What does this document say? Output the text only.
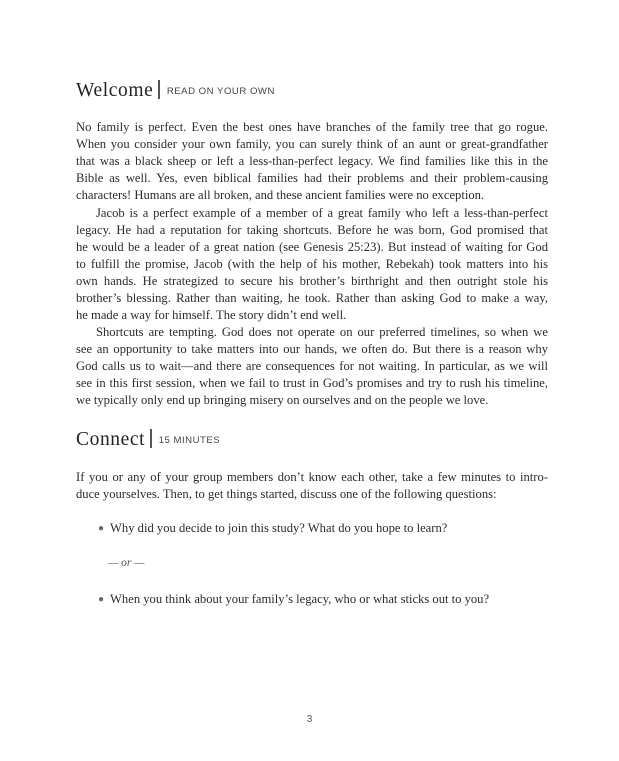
Welcome $^{READ ON YOUR OWN}$
No family is perfect. Even the best ones have branches of the family tree that go rogue.
When you consider your own family, you can surely think of an aunt or great-grandfather
that was a black sheep or left a less-than-perfect legacy. We find families like this in the
Bible as well. Yes, even biblical families had their problems and their problem-causing
characters! Humans are all broken, and these ancient families were no exception.
Jacob is a perfect example of a member of a great family who left a less-than-perfect
legacy. He had a reputation for taking shortcuts. Before he was born, God promised that
he would be a leader of a great nation (see Genesis 25:23). But instead of waiting for God
to fulfill the promise, Jacob (with the help of his mother, Rebekah) took matters into his
own hands. He strategized to secure his brother’s birthright and then outright stole his
brother’s blessing. Rather than waiting, he took. Rather than asking God to make a way,
he made a way for himself. The story didn’t end well.
Shortcuts are tempting. God does not operate on our preferred timelines, so when we
see an opportunity to take matters into our hands, we often do. But there is a reason why
God calls us to wait—and there are consequences for not waiting. In particular, as we will
see in this first session, when we fail to trust in God’s promises and try to rush his timeline,
we typically only end up bringing misery on ourselves and on the people we love.
Connect $^{15 MINUTES}$
If you or any of your group members don’t know each other, take a few minutes to intro-
duce yourselves. Then, to get things started, discuss one of the following questions:
● Why did you decide to join this study? What do you hope to learn?
— or —
● When you think about your family’s legacy, who or what sticks out to you?
3
